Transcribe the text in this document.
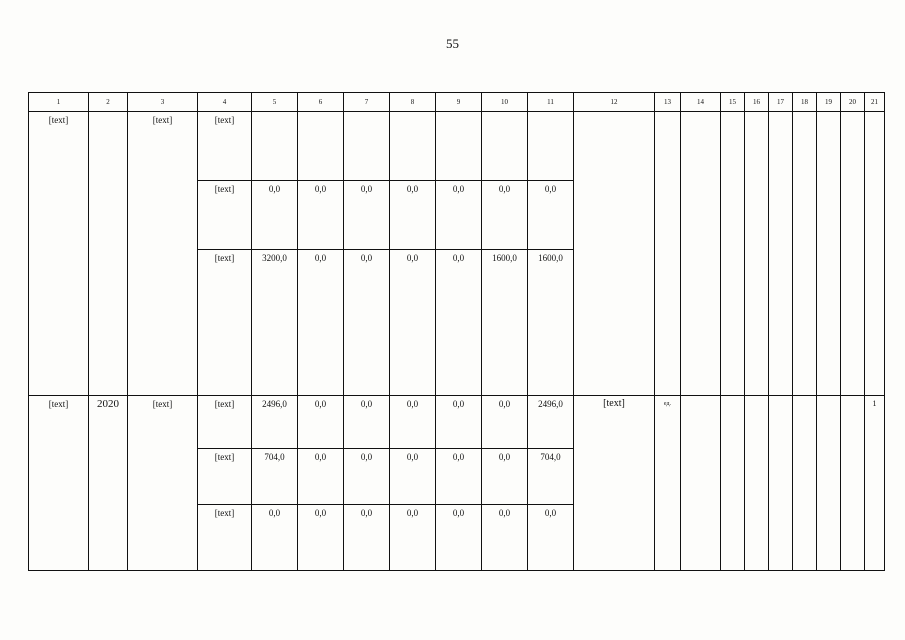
55
1	2	3	4	5	6	7	8	9	10	11	12	13	14	15	16	17	18	19	20	21
[text]		[text]	[text]																	
			[text]	0,0	0,0	0,0	0,0	0,0	0,0	0,0										
			[text]	3200,0	0,0	0,0	0,0	0,0	1600,0	1600,0										
[text]	2020	[text]	[text]	2496,0	0,0	0,0	0,0	0,0	0,0	2496,0	[text]	ед.								1
			[text]	704,0	0,0	0,0	0,0	0,0	0,0	704,0										
			[text]	0,0	0,0	0,0	0,0	0,0	0,0	0,0										
